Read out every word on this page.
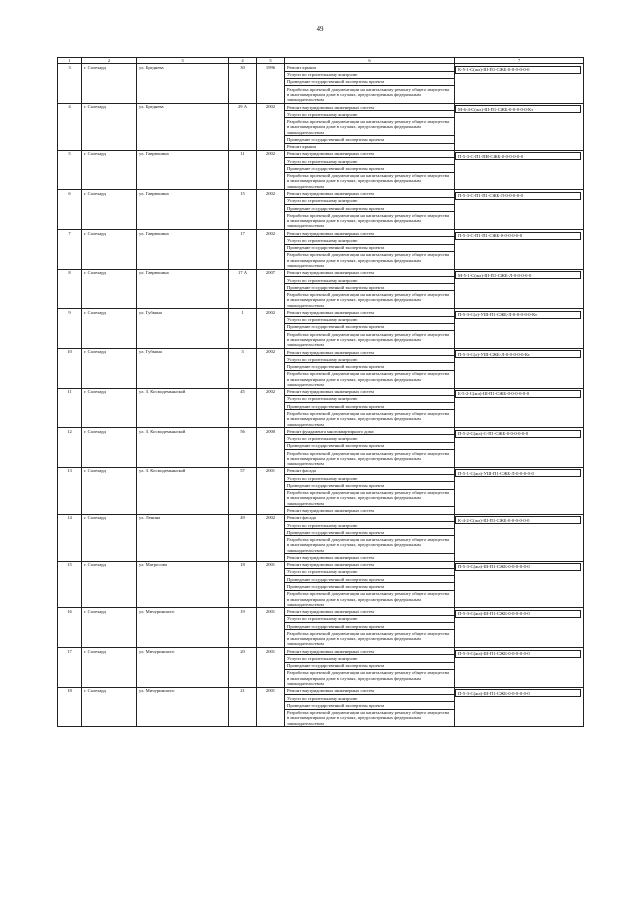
49
1	2	3	4	5	6	7
3	г. Салехард	ул. Бреднева	30	1996	Ремонт крыши
Услуги по строительному контролю
Проведение государственной экспертизы проекта
Разработка проектной документации на капитальному ремонту общего имущества в многоквартирном доме в случаях, предусмотренных федеральным законодательством	К-5-1-С(жл)-Ш-П1-СЖБ-0-0-0-0-0-0

4	г. Салехард	ул. Бреднева	29 А	2002	Ремонт внутридомовых инженерных систем
Услуги по строительному контролю
Разработка проектной документации на капитальному ремонту общего имущества в многоквартирном доме в случаях, предусмотренных федеральным законодательством
Проведение государственной экспертизы проекта
Ремонт крыши	М-6-4-С(жл)-Ш-П1-СЖБ-0-0-0-0-0-Кт

5	г. Салехард	ул. Гаврюшина	11	2002	Ремонт внутридомовых инженерных систем
Услуги по строительному контролю
Проведение государственной экспертизы проекта
Разработка проектной документации на капитальному ремонту общего имущества в многоквартирном доме в случаях, предусмотренных федеральным законодательством	П-5-3-С-П1-ПН-СЖБ-0-0-0-0-0-0

6	г. Салехард	ул. Гаврюшина	15	2002	Ремонт внутридомовых инженерных систем
Услуги по строительному контролю
Проведение государственной экспертизы проекта
Разработка проектной документации на капитальному ремонту общего имущества в многоквартирном доме в случаях, предусмотренных федеральным законодательством	П-5-3-С-П1-П1-СЖБ-Л-0-0-0-0-0

7	г. Салехард	ул. Гаврюшина	17	2002	Ремонт внутридомовых инженерных систем
Услуги по строительному контролю
Проведение государственной экспертизы проекта
Разработка проектной документации на капитальному ремонту общего имущества в многоквартирном доме в случаях, предусмотренных федеральным законодательством	П-5-3-С-П1-П1-СЖБ-0-0-0-0-0-0

8	г. Салехард	ул. Гаврюшина	17 А	2007	Ремонт внутридомовых инженерных систем
Услуги по строительному контролю
Проведение государственной экспертизы проекта
Разработка проектной документации на капитальному ремонту общего имущества в многоквартирном доме в случаях, предусмотренных федеральным законодательством	М-5-1-С(жл)-Ш-П1-СЖБ-Л-0-0-0-0-0

9	г. Салехард	ул. Губкина	1	2002	Ремонт внутридомовых инженерных систем
Услуги по строительному контролю
Проведение государственной экспертизы проекта
Разработка проектной документации на капитальному ремонту общего имущества в многоквартирном доме в случаях, предусмотренных федеральным законодательством	П-5-3-С(л)-УШ-П1-СЖБ-Л-0-0-0-0-0-Кт

10	г. Салехард	ул. Губкина	3	2002	Ремонт внутридомовых инженерных систем
Услуги по строительному контролю
Проведение государственной экспертизы проекта
Разработка проектной документации на капитальному ремонту общего имущества в многоквартирном доме в случаях, предусмотренных федеральным законодательством	П-5-3-С(л)-УШ-СЖБ-Л-0-0-0-0-0-Кт

11	г. Салехард	ул. З. Космодемьянской	45	2002	Ремонт внутридомовых инженерных систем
Услуги по строительному контролю
Проведение государственной экспертизы проекта
Разработка проектной документации на капитальному ремонту общего имущества в многоквартирном доме в случаях, предусмотренных федеральным законодательством	Б-5-2-С(жл)-Ш-П1-СЖБ-0-0-0-0-0-0

12	г. Салехард	ул. З. Космодемьянской	56	2000	Ремонт фундамента многоквартирного дома
Услуги по строительному контролю
Проведение государственной экспертизы проекта
Разработка проектной документации на капитальному ремонту общего имущества в многоквартирном доме в случаях, предусмотренных федеральным законодательством	П-5-2-С(жл)-С-П1-СЖБ-0-0-0-0-0-0

13	г. Салехард	ул. З. Космодемьянской	57	2001	Ремонт фасада
Услуги по строительному контролю
Проведение государственной экспертизы проекта
Разработка проектной документации на капитальному ремонту общего имущества в многоквартирном доме в случаях, предусмотренных федеральным законодательством
Ремонт внутридомовых инженерных систем	П-5-1-С(жл)-УШ-П1-СЖБ-Л-0-0-0-0-0

14	г. Салехард	ул. Ленина	49	2002	Ремонт фасада
Услуги по строительному контролю
Проведение государственной экспертизы проекта
Разработка проектной документации на капитальному ремонту общего имущества в многоквартирном доме в случаях, предусмотренных федеральным законодательством
Ремонт внутридомовых инженерных систем	К-4-2-С(жл)-Ш-П1-СЖБ-0-0-0-0-0-0

15	г. Салехард	ул. Матросова	18	2001	Ремонт внутридомовых инженерных систем
Услуги по строительному контролю
Проведение государственной экспертизы проекта
Проведение государственной экспертизы проекта
Разработка проектной документации на капитальному ремонту общего имущества в многоквартирном доме в случаях, предусмотренных федеральным законодательством	П-5-3-С(жл)-Ш-П1-СЖБ-0-0-0-0-0-0

16	г. Салехард	ул. Мичуринского	19	2001	Ремонт внутридомовых инженерных систем
Услуги по строительному контролю
Проведение государственной экспертизы проекта
Разработка проектной документации на капитальному ремонту общего имущества в многоквартирном доме в случаях, предусмотренных федеральным законодательством	П-5-3-С(жл)-Ш-П1-СЖБ-0-0-0-0-0-0

17	г. Салехард	ул. Мичуринского	20	2001	Ремонт внутридомовых инженерных систем
Услуги по строительному контролю
Проведение государственной экспертизы проекта
Разработка проектной документации на капитальному ремонту общего имущества в многоквартирном доме в случаях, предусмотренных федеральным законодательством	П-5-3-С(жл)-Ш-П1-СЖБ-0-0-0-0-0-0

18	г. Салехард	ул. Мичуринского	21	2001	Ремонт внутридомовых инженерных систем
Услуги по строительному контролю
Проведение государственной экспертизы проекта
Разработка проектной документации на капитальному ремонту общего имущества в многоквартирном доме в случаях, предусмотренных федеральным законодательством	П-5-3-С(жл)-Ш-П1-СЖБ-0-0-0-0-0-0
